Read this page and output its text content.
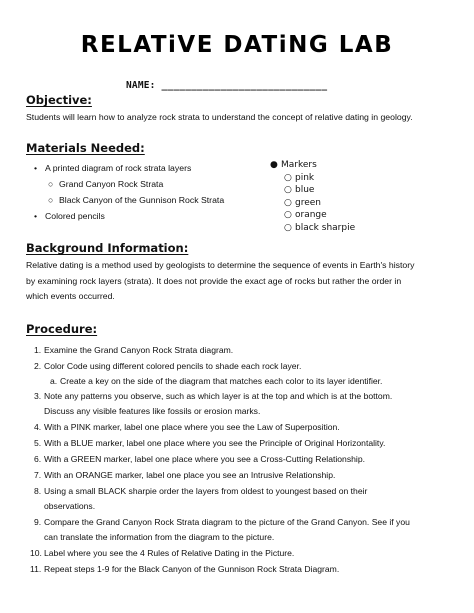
RELATiVE DATiNG LAB
NAME: ____________________________
Objective:
Students will learn how to analyze rock strata to understand the concept of relative dating in geology.
Materials Needed:
• A printed diagram of rock strata layers
○ Grand Canyon Rock Strata
○ Black Canyon of the Gunnison Rock Strata
• Colored pencils
● Markers
○ pink
○ blue
○ green
○ orange
○ black sharpie
Background Information:
Relative dating is a method used by geologists to determine the sequence of events in Earth's history
by examining rock layers (strata). It does not provide the exact age of rocks but rather the order in
which events occurred.
Procedure:
1. Examine the Grand Canyon Rock Strata diagram.
2. Color Code using different colored pencils to shade each rock layer.
a. Create a key on the side of the diagram that matches each color to its layer identifier.
3. Note any patterns you observe, such as which layer is at the top and which is at the bottom.
Discuss any visible features like fossils or erosion marks.
4. With a PINK marker, label one place where you see the Law of Superposition.
5. With a BLUE marker, label one place where you see the Principle of Original Horizontality.
6. With a GREEN marker, label one place where you see a Cross-Cutting Relationship.
7. With an ORANGE marker, label one place you see an Intrusive Relationship.
8. Using a small BLACK sharpie order the layers from oldest to youngest based on their
observations.
9. Compare the Grand Canyon Rock Strata diagram to the picture of the Grand Canyon. See if you
can translate the information from the diagram to the picture.
10. Label where you see the 4 Rules of Relative Dating in the Picture.
11. Repeat steps 1-9 for the Black Canyon of the Gunnison Rock Strata Diagram.
